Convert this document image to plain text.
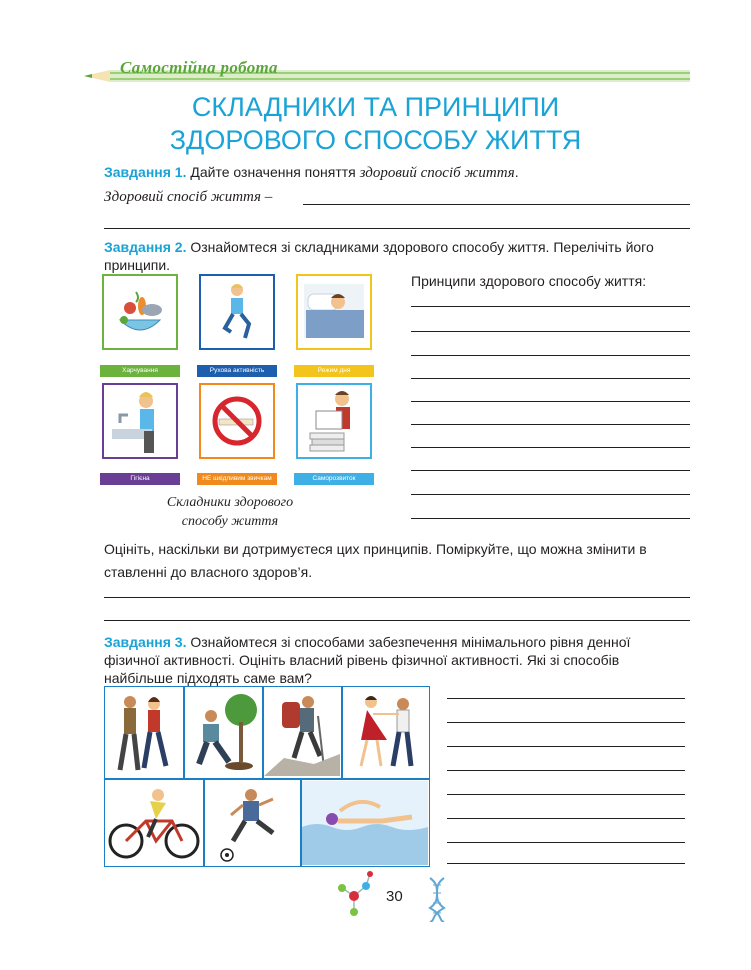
Самостійна робота
СКЛАДНИКИ ТА ПРИНЦИПИ
ЗДОРОВОГО СПОСОБУ ЖИТТЯ
Завдання 1. Дайте означення поняття здоровий спосіб життя.
Здоровий спосіб життя –
Завдання 2. Ознайомтеся зі складниками здорового способу життя. Перелічіть його
принципи.
Харчування	Рухова активність	Режим дня
Гігієна	НЕ шкідливим звичкам	Саморозвиток
Складники здорового
способу життя
Принципи здорового способу життя:
Оцініть, наскільки ви дотримуєтеся цих принципів. Поміркуйте, що можна змінити в
ставленні до власного здоров’я.
Завдання 3. Ознайомтеся зі способами забезпечення мінімального рівня денної
фізичної активності. Оцініть власний рівень фізичної активності. Які зі способів
найбільше підходять саме вам?
30
